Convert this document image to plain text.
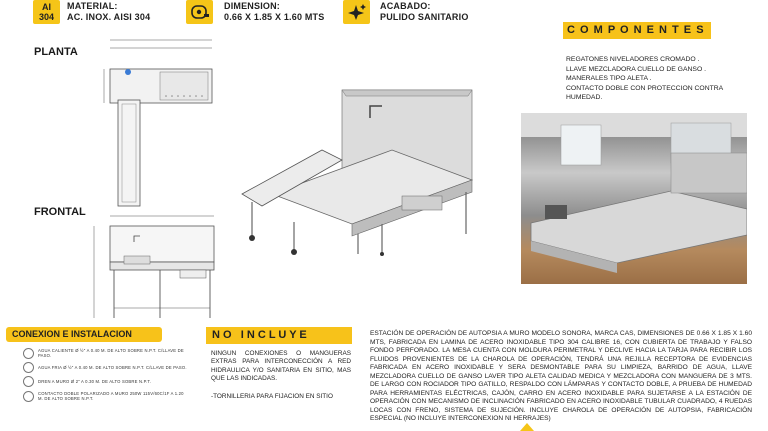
AI
304
MATERIAL:
AC. INOX. AISI 304
DIMENSION:
0.66 X 1.85 X 1.60 MTS
ACABADO:
PULIDO SANITARIO
PLANTA
FRONTAL
C O M P O N E N T E S
REGATONES NIVELADORES CROMADO .
LLAVE MEZCLADORA CUELLO DE GANSO .
MANERALES TIPO ALETA .
CONTACTO DOBLE CON PROTECCION CONTRA HUMEDAD.
CONEXION E INSTALACION
AGUA CALIENTE Ø ½" A 0.40 M. DE ALTO SOBRE N.P.T. C/LLAVE DE PASO.
AGUA FRIA Ø ½" A 0.40 M. DE ALTO SOBRE N.P.T. C/LLAVE DE PASO.
DREN A MURO Ø 2" A 0.30 M. DE ALTO SOBRE N.P.T.
CONTACTO DOBLE POLARIZADO A MURO 250W 115V/60C/1F A 1.20 M. DE ALTO SOBRE N.P.T.
N O   I N C L U Y E
NINGUN CONEXIONES O MANGUERAS EXTRAS PARA INTERCONECCIÓN A RED HIDRAULICA Y/O SANITARIA EN SITIO, MAS QUE LAS INDICADAS.
-TORNILLERIA PARA FIJACION EN SITIO
ESTACIÓN DE OPERACIÓN DE AUTOPSIA A MURO MODELO SONORA, MARCA CAS, DIMENSIONES DE 0.66 X 1.85 X 1.60 MTS, FABRICADA EN LAMINA DE ACERO INOXIDABLE TIPO 304 CALIBRE 16, CON CUBIERTA DE TRABAJO Y FALSO FONDO PERFORADO. LA MESA CUENTA CON MOLDURA PERIMETRAL Y DECLIVE HACIA LA TARJA PARA RECIBIR LOS FLUIDOS PROVENIENTES DE LA CHAROLA DE OPERACIÓN, TENDRÁ UNA REJILLA RECEPTORA DE EVIDENCIAS FABRICADA EN ACERO INOXIDABLE Y SERA DESMONTABLE PARA SU LIMPIEZA, BARRIDO DE AGUA, LLAVE MEZCLADORA CUELLO DE GANSO LAVER TIPO ALETA CALIDAD MEDICA Y MEZCLADORA CON MANGUERA DE 3 MTS. DE LARGO CON ROCIADOR TIPO GATILLO, RESPALDO CON LÁMPARAS Y CONTACTO DOBLE, A PRUEBA DE HUMEDAD PARA HERRAMIENTAS ELÉCTRICAS, CAJÓN, CARRO EN ACERO INOXIDABLE PARA SUJETARSE A LA ESTACIÓN DE OPERACIÓN CON MECANISMO DE INCLINACIÓN FABRICADO EN ACERO INOXIDABLE TUBULAR CUADRADO, 4 RUEDAS LOCAS CON FRENO, SISTEMA DE SUJECIÓN. INCLUYE CHAROLA DE OPERACIÓN DE AUTOPSIA, FABRICACIÓN ESPECIAL (NO INCLUYE INTERCONEXION NI HERRAJES)
